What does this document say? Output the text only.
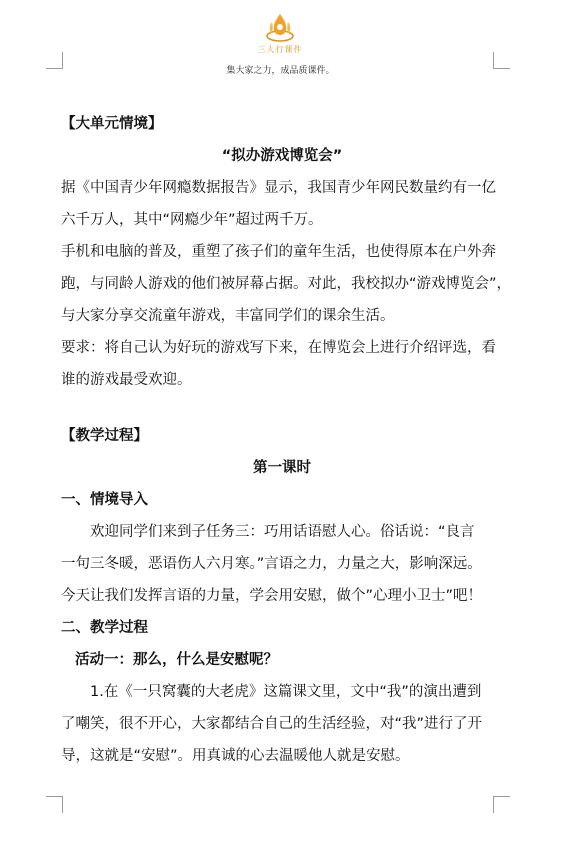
三人行课件
集大家之力，成品质课件。
【大单元情境】
“拟办游戏博览会”
据《中国青少年网瘾数据报告》显示，我国青少年网民数量约有一亿
六千万人，其中“网瘾少年”超过两千万。
手机和电脑的普及，重塑了孩子们的童年生活，也使得原本在户外奔
跑，与同龄人游戏的他们被屏幕占据。对此，我校拟办“游戏博览会”，
与大家分享交流童年游戏，丰富同学们的课余生活。
要求：将自己认为好玩的游戏写下来，在博览会上进行介绍评选，看
谁的游戏最受欢迎。
【教学过程】
第一课时
一、情境导入
欢迎同学们来到子任务三：巧用话语慰人心。俗话说：“良言
一句三冬暖，恶语伤人六月寒。”言语之力，力量之大，影响深远。
今天让我们发挥言语的力量，学会用安慰，做个”心理小卫士”吧！
二、教学过程
活动一：那么，什么是安慰呢？
1.在《一只窝囊的大老虎》这篇课文里，文中“我”的演出遭到
了嘲笑，很不开心，大家都结合自己的生活经验，对“我”进行了开
导，这就是“安慰”。用真诚的心去温暖他人就是安慰。
